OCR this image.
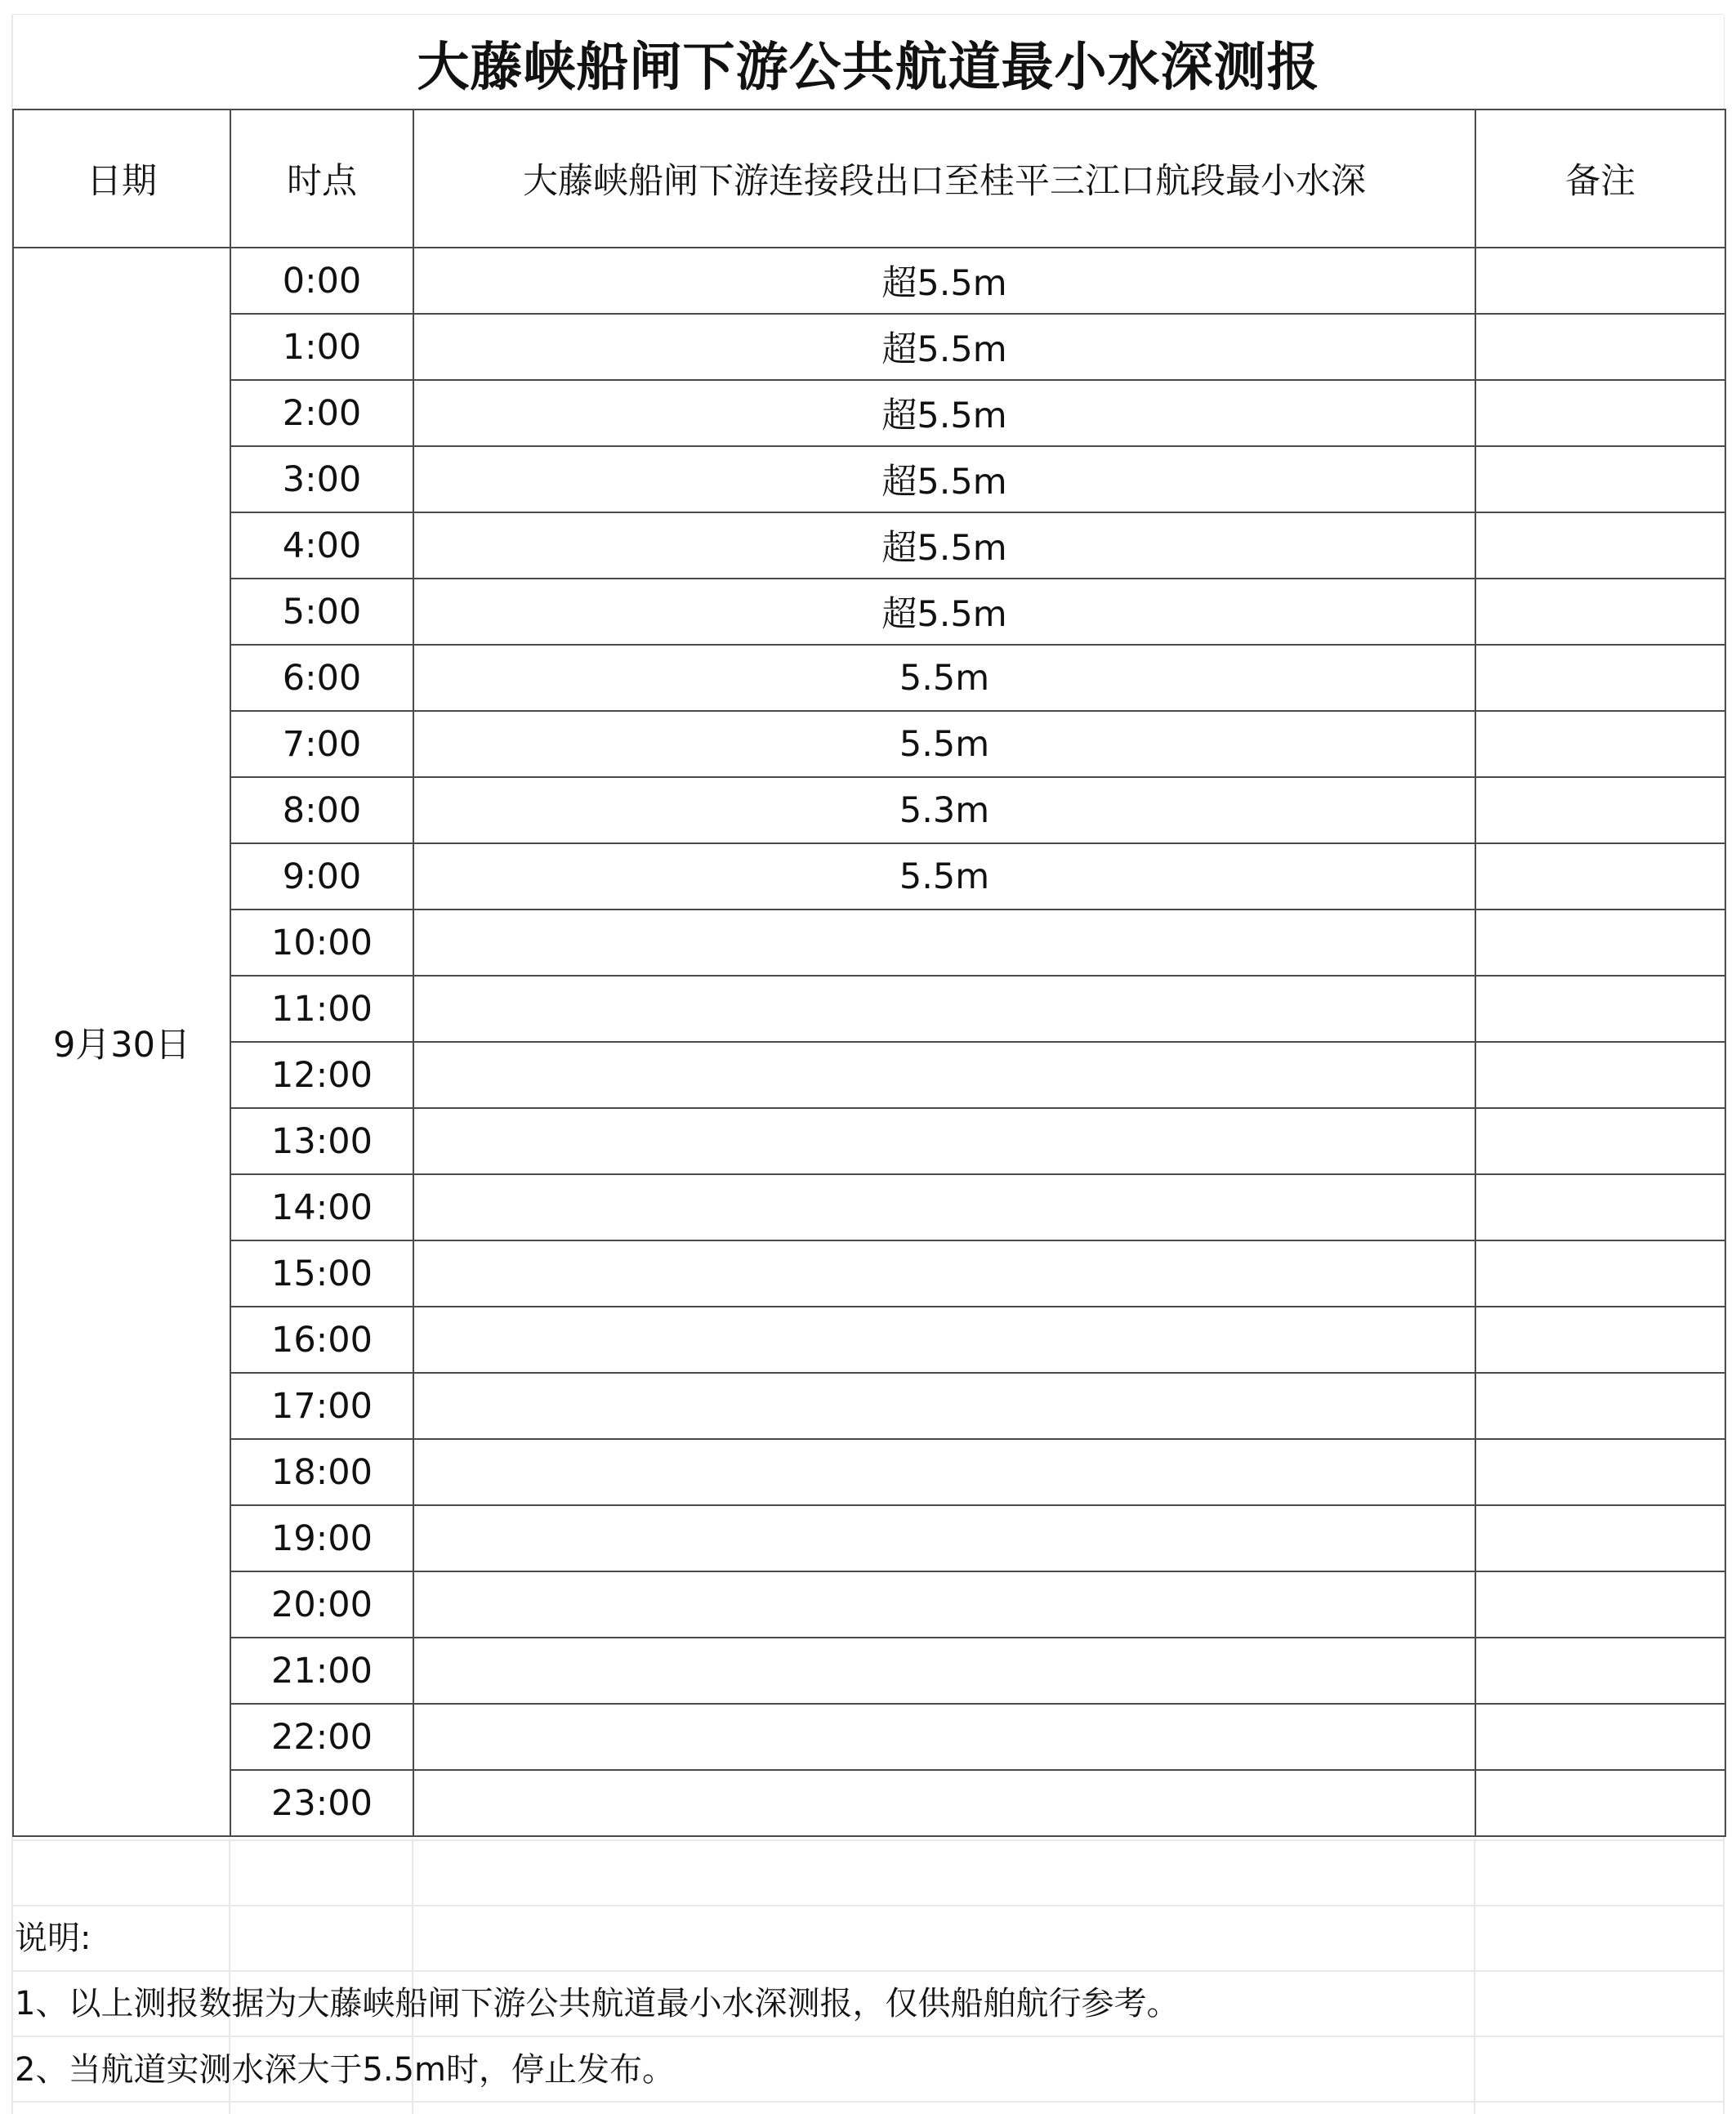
大藤峡船闸下游公共航道最小水深测报
日期	时点	大藤峡船闸下游连接段出口至桂平三江口航段最小水深	备注
9月30日	0:00	超5.5m	
	1:00	超5.5m	
	2:00	超5.5m	
	3:00	超5.5m	
	4:00	超5.5m	
	5:00	超5.5m	
	6:00	5.5m	
	7:00	5.5m	
	8:00	5.3m	
	9:00	5.5m	
	10:00		
	11:00		
	12:00		
	13:00		
	14:00		
	15:00		
	16:00		
	17:00		
	18:00		
	19:00		
	20:00		
	21:00		
	22:00		
	23:00		
说明:
1、以上测报数据为大藤峡船闸下游公共航道最小水深测报，仅供船舶航行参考。
2、当航道实测水深大于5.5m时，停止发布。
